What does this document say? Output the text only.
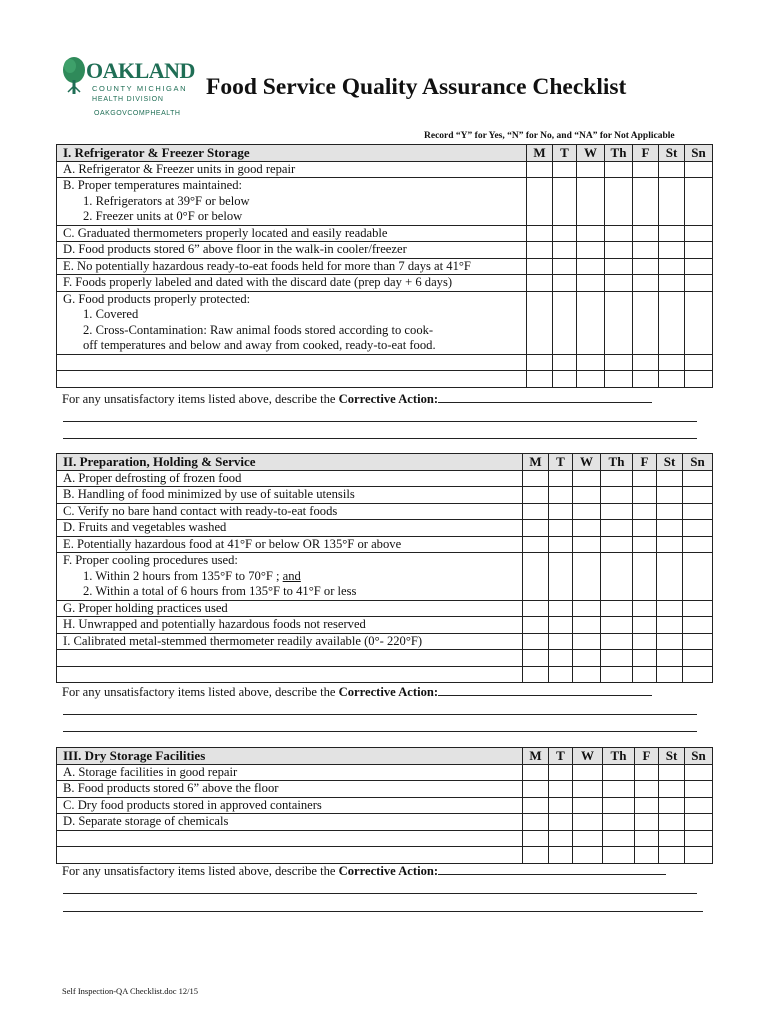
OAKLAND
COUNTY MICHIGAN
HEALTH DIVISION
OAKGOVCOMPHEALTH
Food Service Quality Assurance Checklist
Record “Y” for Yes, “N” for No, and “NA” for Not Applicable
I. Refrigerator & Freezer Storage	M	T	W	Th	F	St	Sn
A. Refrigerator & Freezer units in good repair							

B. Proper temperatures maintained:
1. Refrigerators at 39°F or below
2. Freezer units at 0°F or below							

C. Graduated thermometers properly located and easily readable							
D. Food products stored 6” above floor in the walk-in cooler/freezer							
E. No potentially hazardous ready-to-eat foods held for more than 7 days at 41°F							
F. Foods properly labeled and dated with the discard date (prep day + 6 days)							

G. Food products properly protected:
1. Covered
2. Cross-Contamination: Raw animal foods stored according to cook-
off temperatures and below and away from cooked, ready-to-eat food.							

For any unsatisfactory items listed above, describe the Corrective Action:
II. Preparation, Holding & Service	M	T	W	Th	F	St	Sn
A. Proper defrosting of frozen food							
B. Handling of food minimized by use of suitable utensils							
C. Verify no bare hand contact with ready-to-eat foods							
D. Fruits and vegetables washed							
E. Potentially hazardous food at 41°F or below OR 135°F or above							

F. Proper cooling procedures used:
1. Within 2 hours from 135°F to 70°F ; and
2. Within a total of 6 hours from 135°F to 41°F or less							

G. Proper holding practices used							
H. Unwrapped and potentially hazardous foods not reserved							
I. Calibrated metal-stemmed thermometer readily available (0°- 220°F)							

For any unsatisfactory items listed above, describe the Corrective Action:
III. Dry Storage Facilities	M	T	W	Th	F	St	Sn
A. Storage facilities in good repair							
B. Food products stored 6” above the floor							
C. Dry food products stored in approved containers							
D. Separate storage of chemicals							

For any unsatisfactory items listed above, describe the Corrective Action:
Self Inspection-QA Checklist.doc 12/15
